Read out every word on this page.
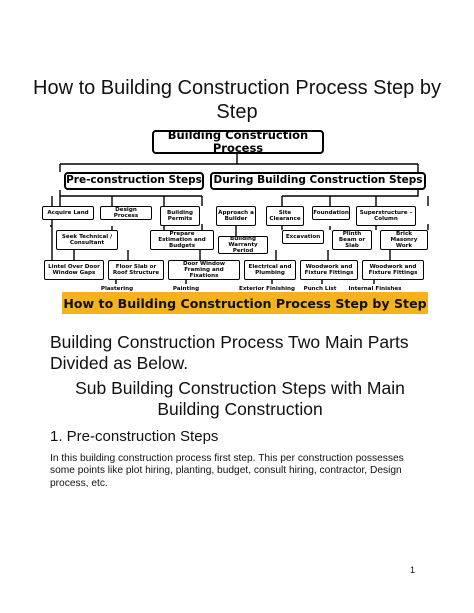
How to Building Construction Process Step by Step
Building Construction Process
Pre-construction Steps During Building Construction Steps
Acquire Land
Design Process
Building Permits
Approach a Builder
Site Clearance
Foundation	Superstructure – Column
Seek Technical / Consultant
Prepare Estimation and Budgets
Building Warranty Period
Excavation
Plinth Beam or Slab
Brick Masonry Work
Lintel Over Door Window Gaps
Floor Slab or Roof Structure
Door Window Framing and Fixations
Electrical and Plumbing
Woodwork and Fixture Fittings
Woodwork and Fixture Fittings
Plastering	Painting	Exterior Finishing Punch List Internal Finishes
How to Building Construction Process Step by Step
Building Construction Process Two Main Parts Divided as Below.
Sub Building Construction Steps with Main Building Construction
1. Pre-construction Steps

In this building construction process first step. This per construction possesses some points like plot hiring, planting, budget, consult hiring, contractor, Design process, etc.

1
